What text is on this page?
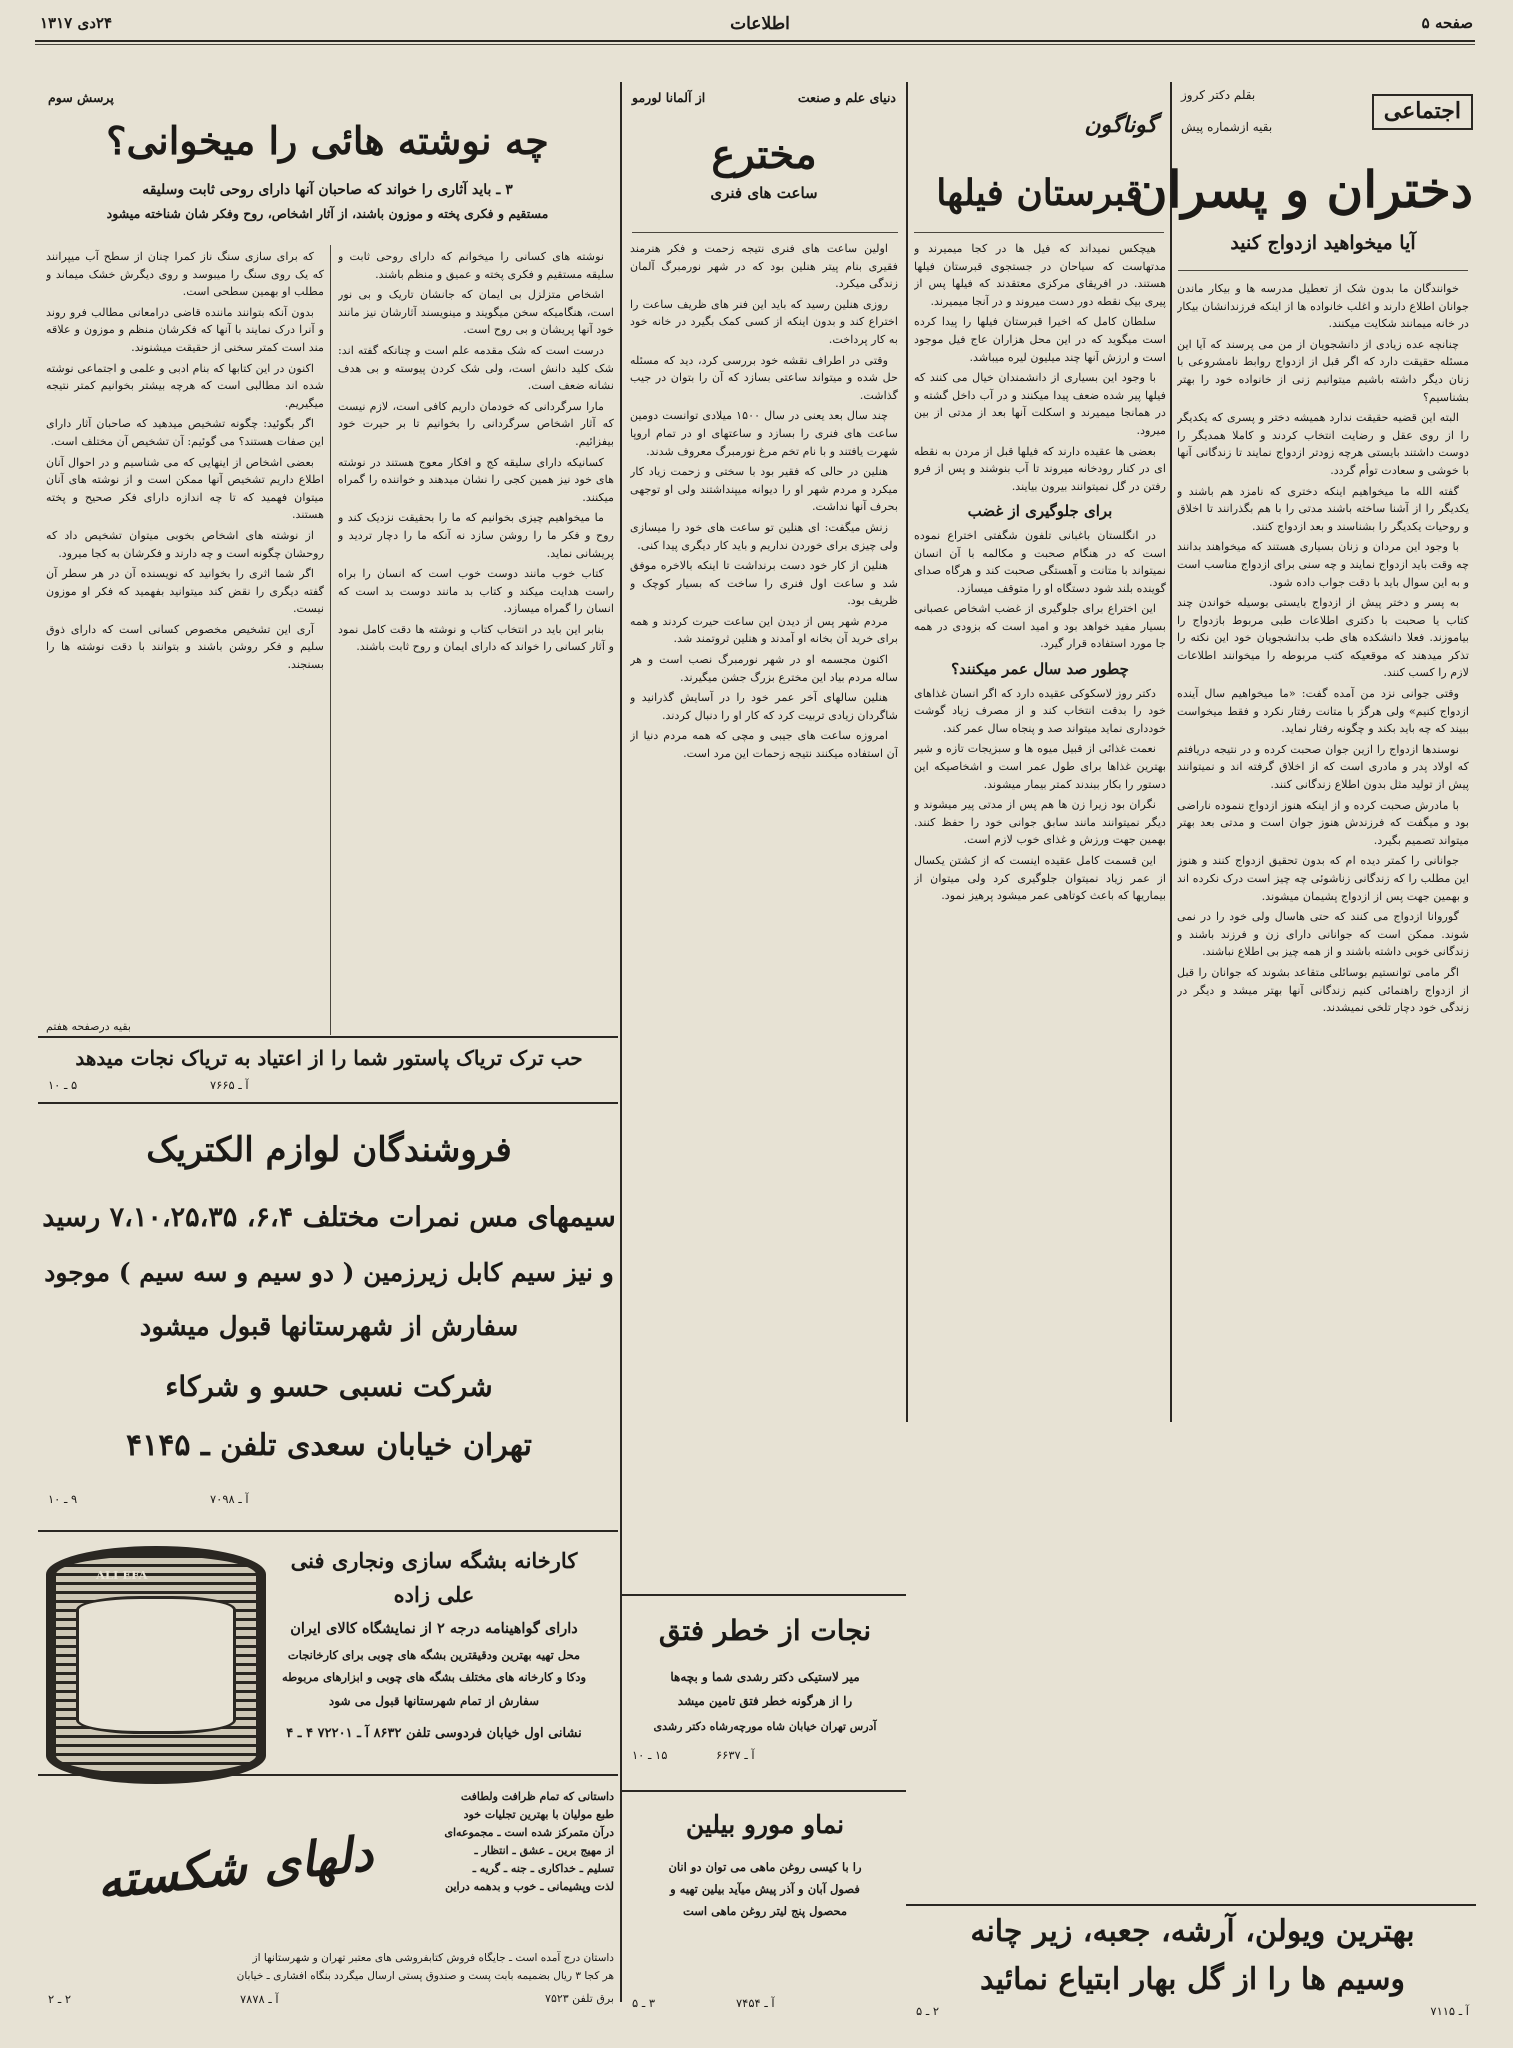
صفحه ۵
اطلاعات
۲۴دی ۱۳۱۷
اجتماعی
بقلم دکتر کروز
بقیه ازشماره پیش
دختران و پسران
آیا میخواهید ازدواج کنید

خوانندگان ما بدون شک از تعطیل مدرسه ها و بیکار ماندن جوانان اطلاع دارند و اغلب خانواده ها از اینکه فرزندانشان بیکار در خانه میمانند شکایت میکنند.

چنانچه عده زیادی از دانشجویان از من می پرسند که آیا این مسئله حقیقت دارد که اگر قبل از ازدواج روابط نامشروعی با زنان دیگر داشته باشیم میتوانیم زنی از خانواده خود را بهتر بشناسیم؟

البته این قضیه حقیقت ندارد همیشه دختر و پسری که یکدیگر را از روی عقل و رضایت انتخاب کردند و کاملا همدیگر را دوست داشتند بایستی هرچه زودتر ازدواج نمایند تا زندگانی آنها با خوشی و سعادت توأم گردد.

گفته الله ما میخواهیم اینکه دختری که نامزد هم باشند و یکدیگر را از آشنا ساخته باشند مدتی را با هم بگذرانند تا اخلاق و روحیات یکدیگر را بشناسند و بعد ازدواج کنند.

با وجود این مردان و زنان بسیاری هستند که میخواهند بدانند چه وقت باید ازدواج نمایند و چه سنی برای ازدواج مناسب است و به این سوال باید با دقت جواب داده شود.

به پسر و دختر پیش از ازدواج بایستی بوسیله خواندن چند کتاب یا صحبت با دکتری اطلاعات طبی مربوط بازدواج را بیاموزند. فعلا دانشکده های طب بدانشجویان خود این نکته را تذکر میدهند که موقعیکه کتب مربوطه را میخوانند اطلاعات لازم را کسب کنند.

وقتی جوانی نزد من آمده گفت: «ما میخواهیم سال آینده ازدواج کنیم» ولی هرگز با متانت رفتار نکرد و فقط میخواست ببیند که چه باید بکند و چگونه رفتار نماید.

نوسندها ازدواج را ازین جوان صحبت کرده و در نتیجه دریافتم که اولاد پدر و مادری است که از اخلاق گرفته اند و نمیتوانند پیش از تولید مثل بدون اطلاع زندگانی کنند.

با مادرش صحبت کرده و از اینکه هنوز ازدواج ننموده ناراضی بود و میگفت که فرزندش هنوز جوان است و مدتی بعد بهتر میتواند تصمیم بگیرد.

جوانانی را کمتر دیده ام که بدون تحقیق ازدواج کنند و هنوز این مطلب را که زندگانی زناشوئی چه چیز است درک نکرده اند و بهمین جهت پس از ازدواج پشیمان میشوند.

گوروانا ازدواج می کنند که حتی هاسال ولی خود را در نمی شوند. ممکن است که جوانانی دارای زن و فرزند باشند و زندگانی خوبی داشته باشند و از همه چیز بی اطلاع نباشند.

اگر مامی توانستیم بوسائلی متقاعد بشوند که جوانان را قبل از ازدواج راهنمائی کنیم زندگانی آنها بهتر میشد و دیگر در زندگی خود دچار تلخی نمیشدند.

گوناگون
قبرستان فیلها

هیچکس نمیداند که فیل ها در کجا میمیرند و مدتهاست که سیاحان در جستجوی قبرستان فیلها هستند. در افریقای مرکزی معتقدند که فیلها پس از پیری بیک نقطه دور دست میروند و در آنجا میمیرند.

سلطان کامل که اخیرا قبرستان فیلها را پیدا کرده است میگوید که در این محل هزاران عاج فیل موجود است و ارزش آنها چند میلیون لیره میباشد.

با وجود این بسیاری از دانشمندان خیال می کنند که فیلها پیر شده ضعف پیدا میکنند و در آب داخل گشته و در همانجا میمیرند و اسکلت آنها بعد از مدتی از بین میرود.

بعضی ها عقیده دارند که فیلها قبل از مردن به نقطه ای در کنار رودخانه میروند تا آب بنوشند و پس از فرو رفتن در گل نمیتوانند بیرون بیایند.

برای جلوگیری از غضب

در انگلستان باغبانی تلفون شگفتی اختراع نموده است که در هنگام صحبت و مکالمه با آن انسان نمیتواند با متانت و آهستگی صحبت کند و هرگاه صدای گوینده بلند شود دستگاه او را متوقف میسازد.

این اختراع برای جلوگیری از غضب اشخاص عصبانی بسیار مفید خواهد بود و امید است که بزودی در همه جا مورد استفاده قرار گیرد.

چطور صد سال عمر میکنند؟

دکتر روز لاسکوکی عقیده دارد که اگر انسان غذاهای خود را بدقت انتخاب کند و از مصرف زیاد گوشت خودداری نماید میتواند صد و پنجاه سال عمر کند.

نعمت غذائی از قبیل میوه ها و سبزیجات تازه و شیر بهترین غذاها برای طول عمر است و اشخاصیکه این دستور را بکار ببندند کمتر بیمار میشوند.

نگران بود زیرا زن ها هم پس از مدتی پیر میشوند و دیگر نمیتوانند مانند سابق جوانی خود را حفظ کنند. بهمین جهت ورزش و غذای خوب لازم است.

این قسمت کامل عقیده اینست که از کشتن یکسال از عمر زیاد نمیتوان جلوگیری کرد ولی میتوان از بیماریها که باعث کوتاهی عمر میشود پرهیز نمود.

دنیای علم و صنعت
از آلمانا لورمو
مخترع
ساعت های فنری

اولین ساعت های فنری نتیجه زحمت و فکر هنرمند فقیری بنام پیتر هنلین بود که در شهر نورمبرگ آلمان زندگی میکرد.

روزی هنلین رسید که باید این فنر های ظریف ساعت را اختراع کند و بدون اینکه از کسی کمک بگیرد در خانه خود به کار پرداخت.

وقتی در اطراف نقشه خود بررسی کرد، دید که مسئله حل شده و میتواند ساعتی بسازد که آن را بتوان در جیب گذاشت.

چند سال بعد یعنی در سال ۱۵۰۰ میلادی توانست دومین ساعت های فنری را بسازد و ساعتهای او در تمام اروپا شهرت یافتند و با نام تخم مرغ نورمبرگ معروف شدند.

هنلین در حالی که فقیر بود با سختی و زحمت زیاد کار میکرد و مردم شهر او را دیوانه میپنداشتند ولی او توجهی بحرف آنها نداشت.

زنش میگفت: ای هنلین تو ساعت های خود را میسازی ولی چیزی برای خوردن نداریم و باید کار دیگری پیدا کنی.

هنلین از کار خود دست برنداشت تا اینکه بالاخره موفق شد و ساعت اول فنری را ساخت که بسیار کوچک و ظریف بود.

مردم شهر پس از دیدن این ساعت حیرت کردند و همه برای خرید آن بخانه او آمدند و هنلین ثروتمند شد.

اکنون مجسمه او در شهر نورمبرگ نصب است و هر ساله مردم بیاد این مخترع بزرگ جشن میگیرند.

هنلین سالهای آخر عمر خود را در آسایش گذرانید و شاگردان زیادی تربیت کرد که کار او را دنبال کردند.

امروزه ساعت های جیبی و مچی که همه مردم دنیا از آن استفاده میکنند نتیجه زحمات این مرد است.

پرسش سوم
چه نوشته هائی را میخوانی؟
۳ ـ باید آثاری را خواند که صاحبان آنها دارای روحی ثابت وسلیقه
مستقیم و فکری پخته و موزون باشند، از آثار اشخاص، روح وفکر شان شناخته میشود

نوشته های کسانی را میخوانم که دارای روحی ثابت و سلیقه مستقیم و فکری پخته و عمیق و منظم باشند.

اشخاص متزلزل بی ایمان که جانشان تاریک و بی نور است، هنگامیکه سخن میگویند و مینویسند آثارشان نیز مانند خود آنها پریشان و بی روح است.

درست است که شک مقدمه علم است و چنانکه گفته اند: شک کلید دانش است، ولی شک کردن پیوسته و بی هدف نشانه ضعف است.

مارا سرگردانی که خودمان داریم کافی است، لازم نیست که آثار اشخاص سرگردانی را بخوانیم تا بر حیرت خود بیفزائیم.

کسانیکه دارای سلیقه کج و افکار معوج هستند در نوشته های خود نیز همین کجی را نشان میدهند و خواننده را گمراه میکنند.

ما میخواهیم چیزی بخوانیم که ما را بحقیقت نزدیک کند و روح و فکر ما را روشن سازد نه آنکه ما را دچار تردید و پریشانی نماید.

کتاب خوب مانند دوست خوب است که انسان را براه راست هدایت میکند و کتاب بد مانند دوست بد است که انسان را گمراه میسازد.

بنابر این باید در انتخاب کتاب و نوشته ها دقت کامل نمود و آثار کسانی را خواند که دارای ایمان و روح ثابت باشند.

که برای سازی سنگ ناز کمرا چنان از سطح آب میپرانند که یک روی سنگ را میبوسد و روی دیگرش خشک میماند و مطلب او بهمین سطحی است.

بدون آنکه بتوانند ماننده قاضی درامعانی مطالب فرو روند و آنرا درک نمایند با آنها که فکرشان منظم و موزون و علاقه مند است کمتر سخنی از حقیقت میشنوند.

اکنون در این کتابها که بنام ادبی و علمی و اجتماعی نوشته شده اند مطالبی است که هرچه بیشتر بخوانیم کمتر نتیجه میگیریم.

اگر بگوئید: چگونه تشخیص میدهید که صاحبان آثار دارای این صفات هستند؟ می گوئیم: آن تشخیص آن مختلف است.

بعضی اشخاص از اینهایی که می شناسیم و در احوال آنان اطلاع داریم تشخیص آنها ممکن است و از نوشته های آنان میتوان فهمید که تا چه اندازه دارای فکر صحیح و پخته هستند.

از نوشته های اشخاص بخوبی میتوان تشخیص داد که روحشان چگونه است و چه دارند و فکرشان به کجا میرود.

اگر شما اثری را بخوانید که نویسنده آن در هر سطر آن گفته دیگری را نقض کند میتوانید بفهمید که فکر او موزون نیست.

آری این تشخیص مخصوص کسانی است که دارای ذوق سلیم و فکر روشن باشند و بتوانند با دقت نوشته ها را بسنجند.

بقیه درصفحه هفتم
حب ترک تریاک پاستور شما را از اعتیاد به تریاک نجات میدهد
آ ـ ۷۶۶۵
۵ ـ ۱۰
فروشندگان لوازم الکتریک
سیمهای مس نمرات مختلف ۶،۴، ۷،۱۰،۲۵،۳۵ رسید
و نیز سیم کابل زیرزمین ( دو سیم و سه سیم ) موجود
سفارش از شهرستانها قبول میشود
شرکت نسبی حسو و شرکاء
تهران خیابان سعدی تلفن ـ ۴۱۴۵
آ ـ ۷۰۹۸
۹ ـ ۱۰
ALI EFA
کارخانه بشگه سازی ونجاری فنی
علی زاده
دارای گواهینامه درجه ۲ از نمایشگاه کالای ایران
محل تهیه بهترین ودقیقترین بشگه های چوبی برای کارخانجات
ودکا و کارخانه های مختلف بشگه های چوبی و ابزارهای مربوطه
سفارش از تمام شهرستانها قبول می شود
نشانی اول خیابان فردوسی تلفن ۸۶۳۲ آ ـ ۷۲۲۰۱ ۴ ـ ۴
دلهای شکسته
داستانی که تمام ظرافت ولطافت
طبع مولیان با بهترین تجلیات خود
درآن متمرکز شده است ـ مجموعه‌ای
از مهیج برین ـ عشق ـ انتظار ـ
تسلیم ـ خداکاری ـ جنه ـ گریه ـ
لذت وپشیمانی ـ خوب و بدهمه دراین
داستان درج آمده است ـ جایگاه فروش کتابفروشی های معتبر تهران و شهرستانها از
هر کجا ۳ ریال بضمیمه بابت پست و صندوق پستی ارسال میگردد بنگاه افشاری ـ خیابان
برق تلفن ۷۵۲۳
آ ـ ۷۸۷۸
۲ ـ ۲
نجات از خطر فتق
میر لاستیکی دکتر رشدی شما و بچه‌ها
را از هرگونه خطر فتق تامین میشد
آدرس تهران خیابان شاه مورچه‌رشاه دکتر رشدی
آ ـ ۶۶۳۷
۱۵ ـ ۱۰
نماو مورو بیلین
را با کیسی روغن ماهی می توان دو انان
فصول آبان و آذر پیش میآید بیلین تهیه و
محصول پنج لیتر روغن ماهی است
آ ـ ۷۴۵۴
۳ ـ ۵
بهترین ویولن، آرشه، جعبه، زیر چانه
وسیم ها را از گل بهار ابتیاع نمائید
آ ـ ۷۱۱۵
۲ ـ ۵
